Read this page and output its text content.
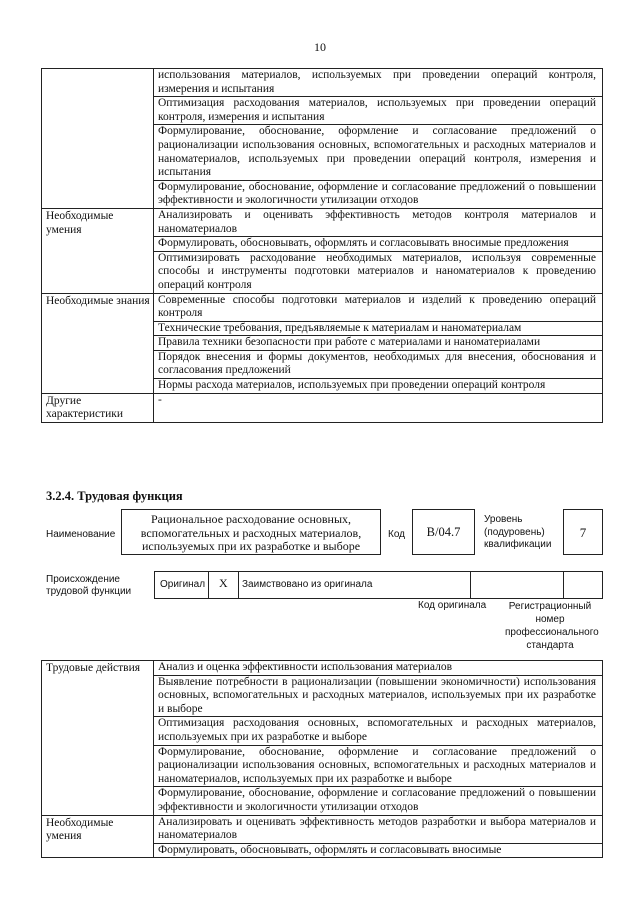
10
	использования материалов, используемых при проведении операций контроля, измерения и испытания
	Оптимизация расходования материалов, используемых при проведении операций контроля, измерения и испытания
	Формулирование, обоснование, оформление и согласование предложений о рационализации использования основных, вспомогательных и расходных материалов и наноматериалов, используемых при проведении операций контроля, измерения и испытания
	Формулирование, обоснование, оформление и согласование предложений о повышении эффективности и экологичности утилизации отходов
Необходимые умения	Анализировать и оценивать эффективность методов контроля материалов и наноматериалов
	Формулировать, обосновывать, оформлять и согласовывать вносимые предложения
	Оптимизировать расходование необходимых материалов, используя современные способы и инструменты подготовки материалов и наноматериалов к проведению операций контроля
Необходимые знания	Современные способы подготовки материалов и изделий к проведению операций контроля
	Технические требования, предъявляемые к материалам и наноматериалам
	Правила техники безопасности при работе с материалами и наноматериалами
	Порядок внесения и формы документов, необходимых для внесения, обоснования и согласования предложений
	Нормы расхода материалов, используемых при проведении операций контроля
Другие характеристики	-
3.2.4. Трудовая функция
Наименование
Рациональное расходование основных, вспомогательных и расходных материалов, используемых при их разработке и выборе
Код	B/04.7
Уровень (подуровень) квалификации
7
Происхождение трудовой функции
Оригинал X Заимствовано из оригинала
Код оригинала	Регистрационный номер профессионального стандарта
Трудовые действия	Анализ и оценка эффективности использования материалов
	Выявление потребности в рационализации (повышении экономичности) использования основных, вспомогательных и расходных материалов, используемых при их разработке и выборе
	Оптимизация расходования основных, вспомогательных и расходных материалов, используемых при их разработке и выборе
	Формулирование, обоснование, оформление и согласование предложений о рационализации использования основных, вспомогательных и расходных материалов и наноматериалов, используемых при их разработке и выборе
	Формулирование, обоснование, оформление и согласование предложений о повышении эффективности и экологичности утилизации отходов
Необходимые умения	Анализировать и оценивать эффективность методов разработки и выбора материалов и наноматериалов
	Формулировать, обосновывать, оформлять и согласовывать вносимые
